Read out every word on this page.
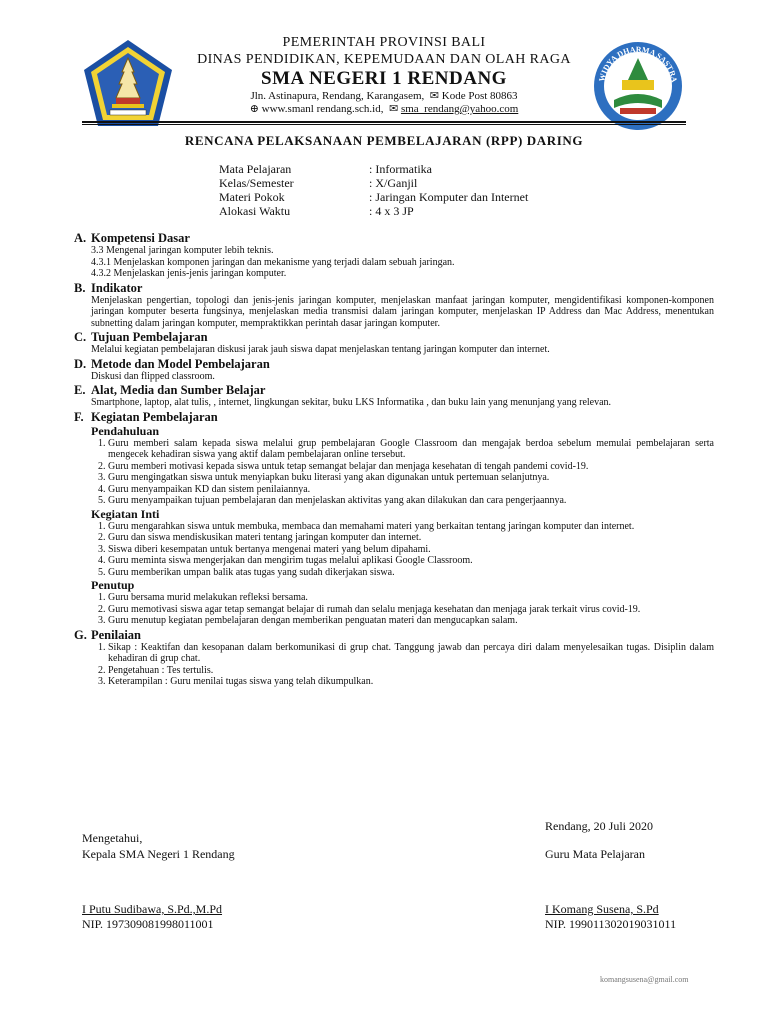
PEMERINTAH PROVINSI BALI
DINAS PENDIDIKAN, KEPEMUDAAN DAN OLAH RAGA
SMA NEGERI 1 RENDANG
Jln. Astinapura, Rendang, Karangasem, ✉ Kode Post 80863
⊕ www.smanl rendang.sch.id, ✉ sma_rendang@yahoo.com
WIDYA DHARMA SASTRA
RENCANA PELAKSANAAN PEMBELAJARAN (RPP) DARING
Mata Pelajaran	: Informatika
Kelas/Semester	: X/Ganjil
Materi Pokok	: Jaringan Komputer dan Internet
Alokasi Waktu	: 4 x 3 JP
A. Kompetensi Dasar
3.3 Mengenal jaringan komputer lebih teknis.
4.3.1 Menjelaskan komponen jaringan dan mekanisme yang terjadi dalam sebuah jaringan.
4.3.2 Menjelaskan jenis-jenis jaringan komputer.
B. Indikator
Menjelaskan pengertian, topologi dan jenis-jenis jaringan komputer, menjelaskan manfaat jaringan komputer, mengidentifikasi komponen-komponen jaringan komputer beserta fungsinya, menjelaskan media transmisi dalam jaringan komputer, menjelaskan IP Address dan Mac Address, menentukan subnetting dalam jaringan komputer, mempraktikkan perintah dasar jaringan komputer.
C. Tujuan Pembelajaran
Melalui kegiatan pembelajaran diskusi jarak jauh siswa dapat menjelaskan tentang jaringan komputer dan internet.
D. Metode dan Model Pembelajaran
Diskusi dan flipped classroom.
E. Alat, Media dan Sumber Belajar
Smartphone, laptop, alat tulis, , internet, lingkungan sekitar, buku LKS Informatika , dan buku lain yang menunjang yang relevan.
F. Kegiatan Pembelajaran
Pendahuluan
1. Guru memberi salam kepada siswa melalui grup pembelajaran Google Classroom dan mengajak berdoa sebelum memulai pembelajaran serta mengecek kehadiran siswa yang aktif dalam pembelajaran online tersebut.
2. Guru memberi motivasi kepada siswa untuk tetap semangat belajar dan menjaga kesehatan di tengah pandemi covid-19.
3. Guru mengingatkan siswa untuk menyiapkan buku literasi yang akan digunakan untuk pertemuan selanjutnya.
4. Guru menyampaikan KD dan sistem penilaiannya.
5. Guru menyampaikan tujuan pembelajaran dan menjelaskan aktivitas yang akan dilakukan dan cara pengerjaannya.
Kegiatan Inti
1. Guru mengarahkan siswa untuk membuka, membaca dan memahami materi yang berkaitan tentang jaringan komputer dan internet.
2. Guru dan siswa mendiskusikan materi tentang jaringan komputer dan internet.
3. Siswa diberi kesempatan untuk bertanya mengenai materi yang belum dipahami.
4. Guru meminta siswa mengerjakan dan mengirim tugas melalui aplikasi Google Classroom.
5. Guru memberikan umpan balik atas tugas yang sudah dikerjakan siswa.
Penutup
1. Guru bersama murid melakukan refleksi bersama.
2. Guru memotivasi siswa agar tetap semangat belajar di rumah dan selalu menjaga kesehatan dan menjaga jarak terkait virus covid-19.
3. Guru menutup kegiatan pembelajaran dengan memberikan penguatan materi dan mengucapkan salam.
G. Penilaian
1. Sikap : Keaktifan dan kesopanan dalam berkomunikasi di grup chat. Tanggung jawab dan percaya diri dalam menyelesaikan tugas. Disiplin dalam kehadiran di grup chat.
2. Pengetahuan : Tes tertulis.
3. Keterampilan : Guru menilai tugas siswa yang telah dikumpulkan.
Rendang, 20 Juli 2020
Mengetahui,
Kepala SMA Negeri 1 Rendang	Guru Mata Pelajaran
I Putu Sudibawa, S.Pd.,M.Pd
NIP. 197309081998011001
I Komang Susena, S.Pd
NIP. 199011302019031011
komangsusena@gmail.com
